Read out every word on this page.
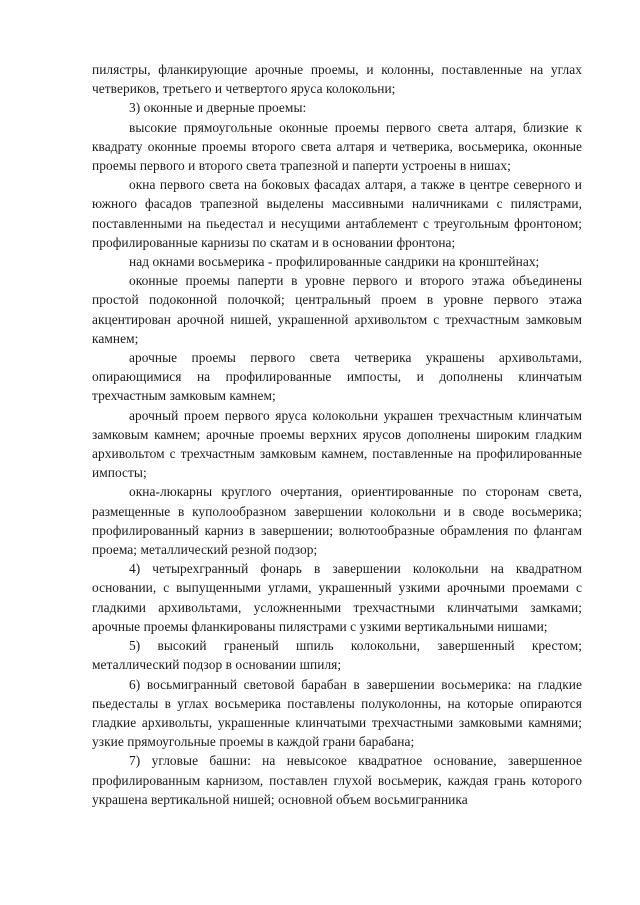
пилястры, фланкирующие арочные проемы, и колонны, поставленные на углах четвериков, третьего и четвертого яруса колокольни;

3) оконные и дверные проемы:

высокие прямоугольные оконные проемы первого света алтаря, близкие к квадрату оконные проемы второго света алтаря и четверика, восьмерика, оконные проемы первого и второго света трапезной и паперти устроены в нишах;

окна первого света на боковых фасадах алтаря, а также в центре северного и южного фасадов трапезной выделены массивными наличниками с пилястрами, поставленными на пьедестал и несущими антаблемент с треугольным фронтоном; профилированные карнизы по скатам и в основании фронтона;

над окнами восьмерика - профилированные сандрики на кронштейнах;

оконные проемы паперти в уровне первого и второго этажа объединены простой подоконной полочкой; центральный проем в уровне первого этажа акцентирован арочной нишей, украшенной архивольтом с трехчастным замковым камнем;

арочные проемы первого света четверика украшены архивольтами, опирающимися на профилированные импосты, и дополнены клинчатым трехчастным замковым камнем;

арочный проем первого яруса колокольни украшен трехчастным клинчатым замковым камнем; арочные проемы верхних ярусов дополнены широким гладким архивольтом с трехчастным замковым камнем, поставленные на профилированные импосты;

окна-люкарны круглого очертания, ориентированные по сторонам света, размещенные в куполообразном завершении колокольни и в своде восьмерика; профилированный карниз в завершении; волютообразные обрамления по флангам проема; металлический резной подзор;

4) четырехгранный фонарь в завершении колокольни на квадратном основании, с выпущенными углами, украшенный узкими арочными проемами с гладкими архивольтами, усложненными трехчастными клинчатыми замками; арочные проемы фланкированы пилястрами с узкими вертикальными нишами;

5) высокий граненый шпиль колокольни, завершенный крестом; металлический подзор в основании шпиля;

6) восьмигранный световой барабан в завершении восьмерика: на гладкие пьедесталы в углах восьмерика поставлены полуколонны, на которые опираются гладкие архивольты, украшенные клинчатыми трехчастными замковыми камнями; узкие прямоугольные проемы в каждой грани барабана;

7) угловые башни: на невысокое квадратное основание, завершенное профилированным карнизом, поставлен глухой восьмерик, каждая грань которого украшена вертикальной нишей; основной объем восьмигранника
